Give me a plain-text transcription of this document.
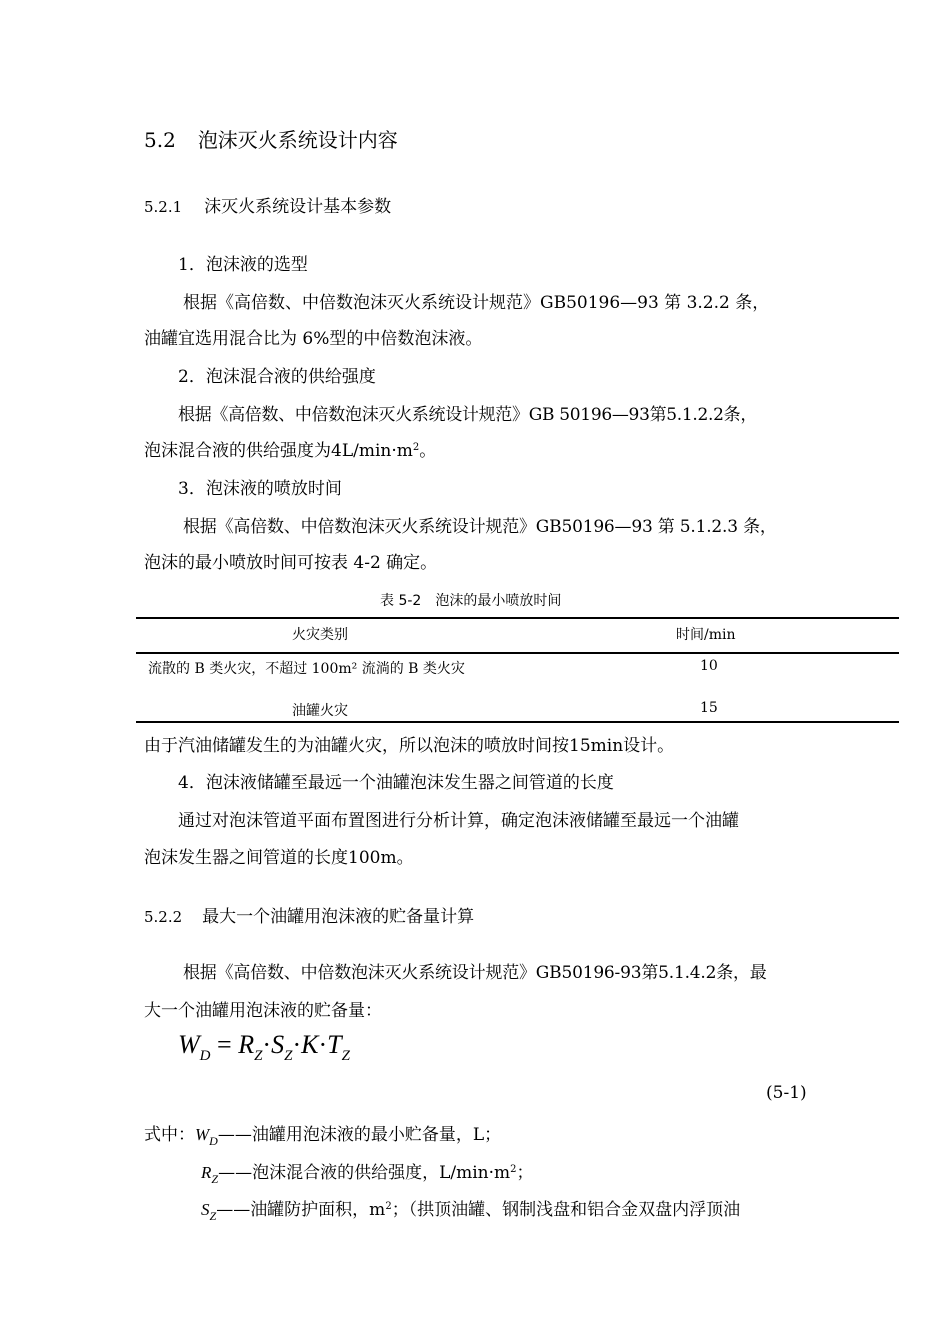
5.2 泡沫灭火系统设计内容
5.2.1 沫灭火系统设计基本参数
1．泡沫液的选型
根据《高倍数、中倍数泡沫灭火系统设计规范》GB50196—93 第 3.2.2 条，
油罐宜选用混合比为 6%型的中倍数泡沫液。
2．泡沫混合液的供给强度
根据《高倍数、中倍数泡沫灭火系统设计规范》GB 50196—93第5.1.2.2条，
泡沫混合液的供给强度为$4L/\min\cdot m^2$。
3．泡沫液的喷放时间
根据《高倍数、中倍数泡沫灭火系统设计规范》GB50196—93 第 5.1.2.3 条，
泡沫的最小喷放时间可按表 4-2 确定。
表 5-2　泡沫的最小喷放时间
火灾类别	时间/min
流散的 B 类火灾，不超过 100m² 流淌的 B 类火灾	10
油罐火灾	15
由于汽油储罐发生的为油罐火灾，所以泡沫的喷放时间按15min设计。
4．泡沫液储罐至最远一个油罐泡沫发生器之间管道的长度
通过对泡沫管道平面布置图进行分析计算，确定泡沫液储罐至最远一个油罐
泡沫发生器之间管道的长度100m。
5.2.2 最大一个油罐用泡沫液的贮备量计算
根据《高倍数、中倍数泡沫灭火系统设计规范》GB50196-93第5.1.4.2条，最
大一个油罐用泡沫液的贮备量：
$W_D = R_Z\cdot S_Z\cdot K\cdot T_Z$
(5-1)
式中：$W_D——$油罐用泡沫液的最小贮备量，L；
$R_Z——$泡沫混合液的供给强度，$L/\min\cdot m^2$；
$S_Z——$油罐防护面积，$m^2$；（拱顶油罐、钢制浅盘和铝合金双盘内浮顶油
